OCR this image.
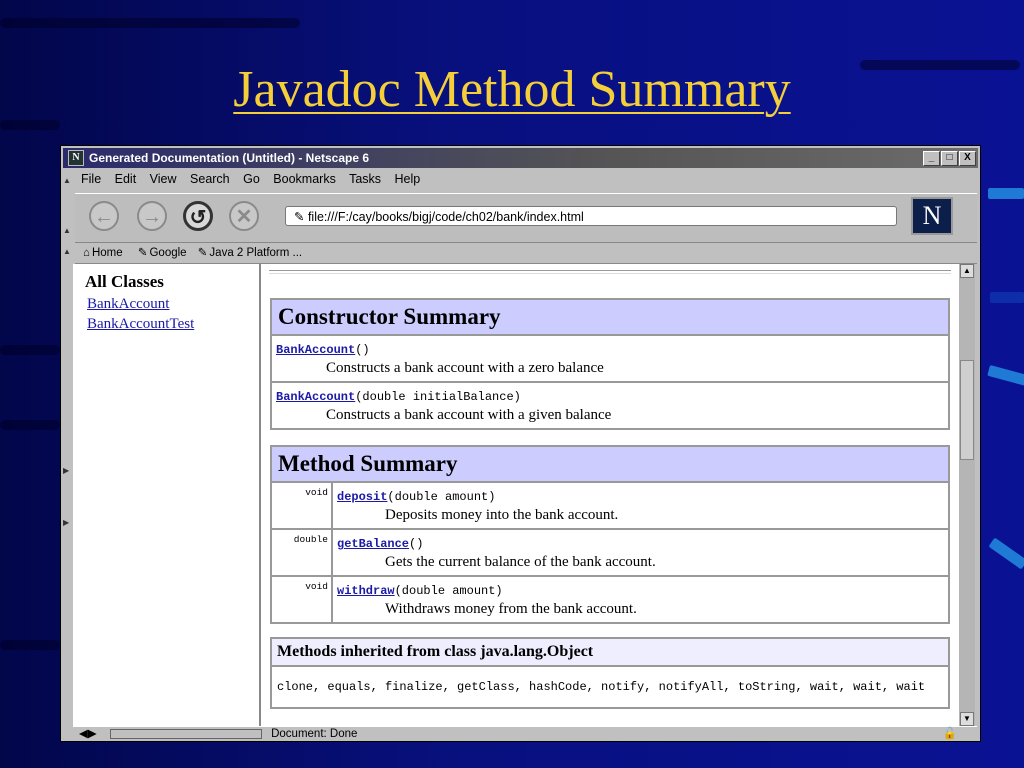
Javadoc Method Summary
N Generated Documentation (Untitled) - Netscape 6	_	□	X
▲ File Edit View Search Go Bookmarks Tasks Help
▲
← →	↺	✕	✎ file:///F:/cay/books/bigj/code/ch02/bank/index.html	N
▲	⌂ Home ✎ Google ✎ Java 2 Platform ...
▶
▶
All Classes
BankAccount
BankAccountTest	Constructor Summary

BankAccount()
Constructs a bank account with a zero balance

BankAccount(double initialBalance)
Constructs a bank account with a given balance
Method Summary	
void	deposit(double amount)
Deposits money into the bank account.

double	getBalance()
Gets the current balance of the bank account.

void	withdraw(double amount)
Withdraws money from the bank account.
Methods inherited from class java.lang.Object
clone, equals, finalize, getClass, hashCode, notify, notifyAll, toString, wait, wait, wait
▲
▼
◀▶	Document: Done	🔓
